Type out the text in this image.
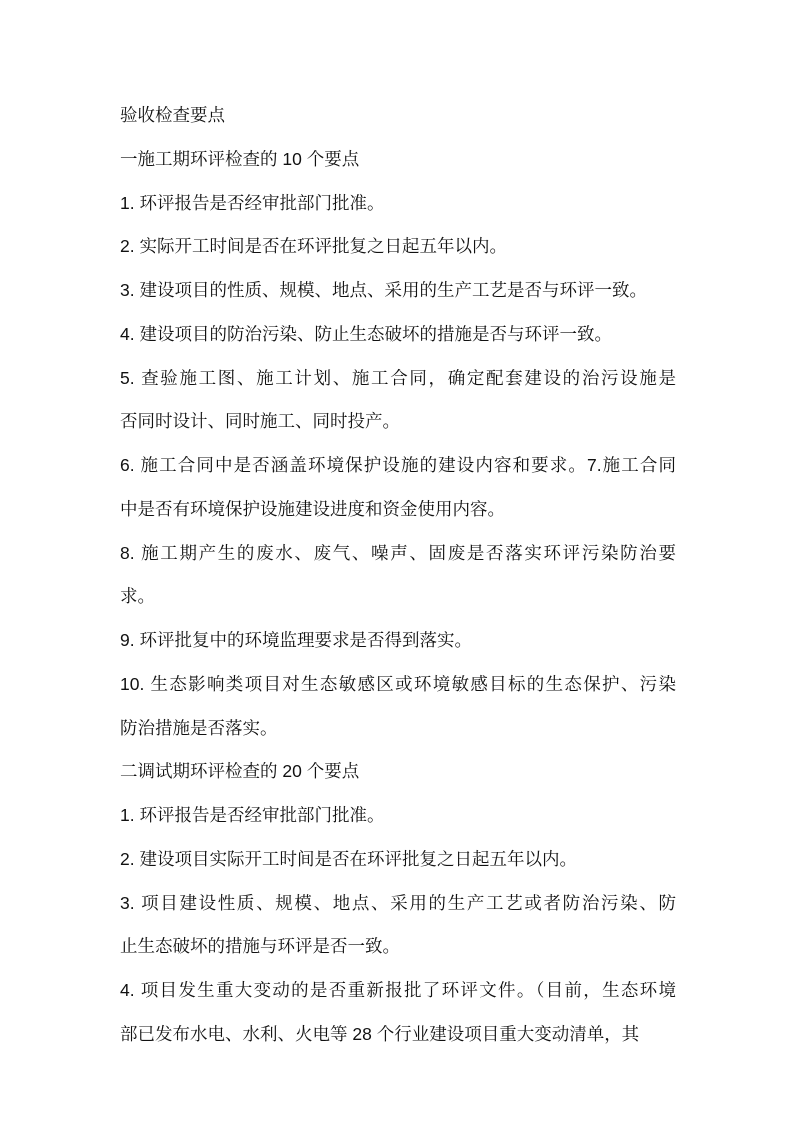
验收检查要点
一施工期环评检查的 10 个要点
1. 环评报告是否经审批部门批准。
2. 实际开工时间是否在环评批复之日起五年以内。
3. 建设项目的性质、规模、地点、采用的生产工艺是否与环评一致。
4. 建设项目的防治污染、防止生态破坏的措施是否与环评一致。
5. 查验施工图、施工计划、施工合同，确定配套建设的治污设施是
否同时设计、同时施工、同时投产。
6. 施工合同中是否涵盖环境保护设施的建设内容和要求。7.施工合同
中是否有环境保护设施建设进度和资金使用内容。
8. 施工期产生的废水、废气、噪声、固废是否落实环评污染防治要
求。
9. 环评批复中的环境监理要求是否得到落实。
10. 生态影响类项目对生态敏感区或环境敏感目标的生态保护、污染
防治措施是否落实。
二调试期环评检查的 20 个要点
1. 环评报告是否经审批部门批准。
2. 建设项目实际开工时间是否在环评批复之日起五年以内。
3. 项目建设性质、规模、地点、采用的生产工艺或者防治污染、防
止生态破坏的措施与环评是否一致。
4. 项目发生重大变动的是否重新报批了环评文件。（目前，生态环境
部已发布水电、水利、火电等 28 个行业建设项目重大变动清单，其
